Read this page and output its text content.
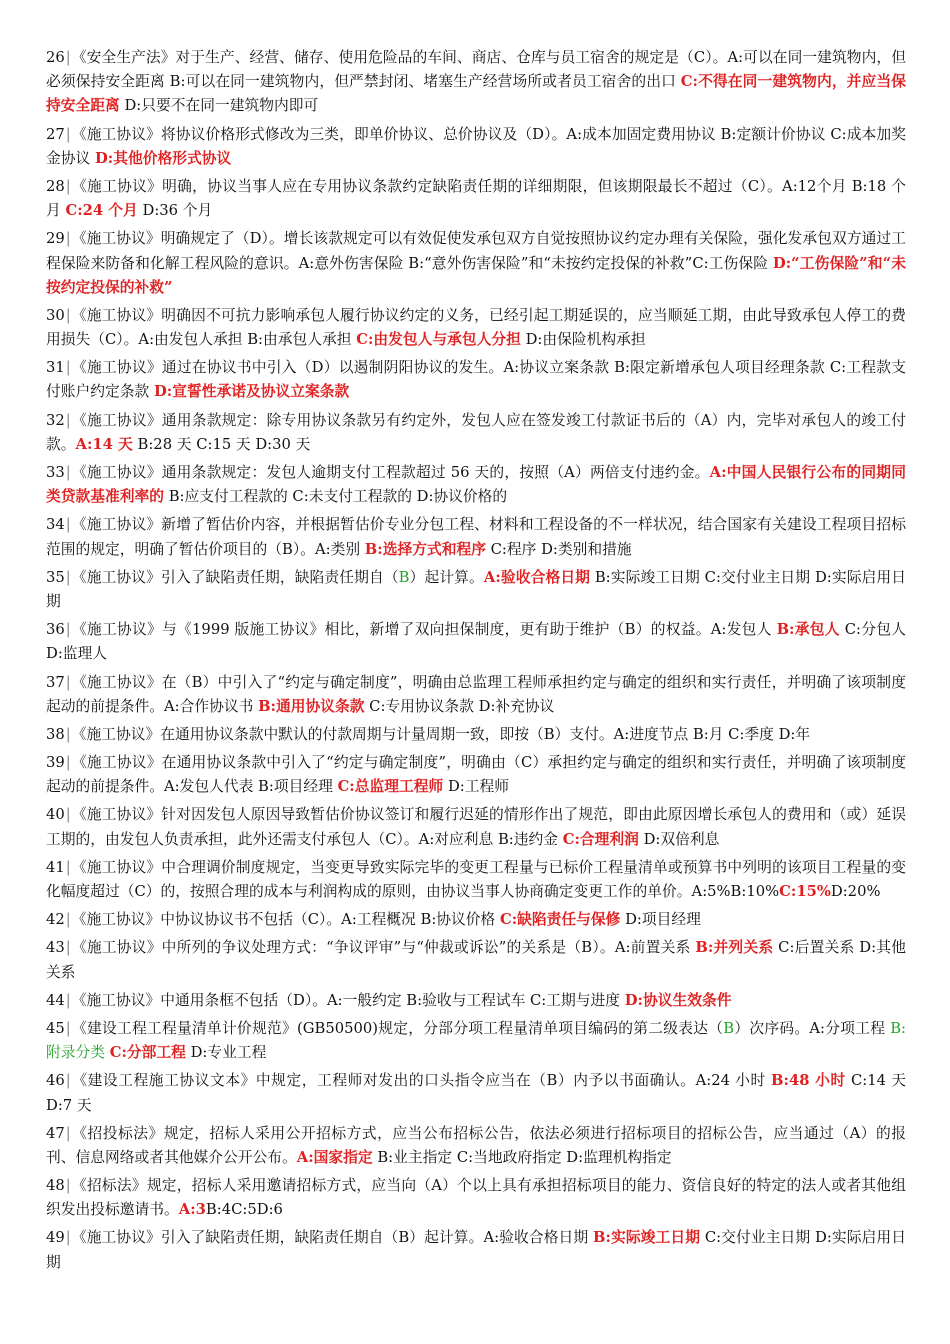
26|《安全生产法》对于生产、经营、储存、使用危险品的车间、商店、仓库与员工宿舍的规定是（C）。A:可以在同一建筑物内，但必须保持安全距离 B:可以在同一建筑物内，但严禁封闭、堵塞生产经营场所或者员工宿舍的出口 C:不得在同一建筑物内，并应当保持安全距离 D:只要不在同一建筑物内即可

27|《施工协议》将协议价格形式修改为三类，即单价协议、总价协议及（D）。A:成本加固定费用协议 B:定额计价协议 C:成本加奖金协议 D:其他价格形式协议

28|《施工协议》明确，协议当事人应在专用协议条款约定缺陷责任期的详细期限，但该期限最长不超过（C）。A:12个月 B:18 个月 C:24 个月 D:36 个月

29|《施工协议》明确规定了（D）。增长该款规定可以有效促使发承包双方自觉按照协议约定办理有关保险，强化发承包双方通过工程保险来防备和化解工程风险的意识。A:意外伤害保险 B:“意外伤害保险”和“未按约定投保的补救”C:工伤保险 D:“工伤保险”和“未按约定投保的补救”

30|《施工协议》明确因不可抗力影响承包人履行协议约定的义务，已经引起工期延误的，应当顺延工期，由此导致承包人停工的费用损失（C）。A:由发包人承担 B:由承包人承担 C:由发包人与承包人分担 D:由保险机构承担

31|《施工协议》通过在协议书中引入（D）以遏制阴阳协议的发生。A:协议立案条款 B:限定新增承包人项目经理条款 C:工程款支付账户约定条款 D:宣誓性承诺及协议立案条款

32|《施工协议》通用条款规定：除专用协议条款另有约定外，发包人应在签发竣工付款证书后的（A）内，完毕对承包人的竣工付款。A:14 天 B:28 天 C:15 天 D:30 天

33|《施工协议》通用条款规定：发包人逾期支付工程款超过 56 天的，按照（A）两倍支付违约金。A:中国人民银行公布的同期同类贷款基准利率的 B:应支付工程款的 C:未支付工程款的 D:协议价格的

34|《施工协议》新增了暂估价内容，并根据暂估价专业分包工程、材料和工程设备的不一样状况，结合国家有关建设工程项目招标范围的规定，明确了暂估价项目的（B）。A:类别 B:选择方式和程序 C:程序 D:类别和措施

35|《施工协议》引入了缺陷责任期，缺陷责任期自（B）起计算。A:验收合格日期 B:实际竣工日期 C:交付业主日期 D:实际启用日期

36|《施工协议》与《1999 版施工协议》相比，新增了双向担保制度，更有助于维护（B）的权益。A:发包人 B:承包人 C:分包人 D:监理人

37|《施工协议》在（B）中引入了“约定与确定制度”，明确由总监理工程师承担约定与确定的组织和实行责任，并明确了该项制度起动的前提条件。A:合作协议书 B:通用协议条款 C:专用协议条款 D:补充协议

38|《施工协议》在通用协议条款中默认的付款周期与计量周期一致，即按（B）支付。A:进度节点 B:月 C:季度 D:年

39|《施工协议》在通用协议条款中引入了“约定与确定制度”，明确由（C）承担约定与确定的组织和实行责任，并明确了该项制度起动的前提条件。A:发包人代表 B:项目经理 C:总监理工程师 D:工程师

40|《施工协议》针对因发包人原因导致暂估价协议签订和履行迟延的情形作出了规范，即由此原因增长承包人的费用和（或）延误工期的，由发包人负责承担，此外还需支付承包人（C）。A:对应利息 B:违约金 C:合理利润 D:双倍利息

41|《施工协议》中合理调价制度规定，当变更导致实际完毕的变更工程量与已标价工程量清单或预算书中列明的该项目工程量的变化幅度超过（C）的，按照合理的成本与利润构成的原则，由协议当事人协商确定变更工作的单价。A:5%B:10%C:15%D:20%

42|《施工协议》中协议协议书不包括（C）。A:工程概况 B:协议价格 C:缺陷责任与保修 D:项目经理

43|《施工协议》中所列的争议处理方式：“争议评审”与“仲裁或诉讼”的关系是（B）。A:前置关系 B:并列关系 C:后置关系 D:其他关系

44|《施工协议》中通用条框不包括（D）。A:一般约定 B:验收与工程试车 C:工期与进度 D:协议生效条件

45|《建设工程工程量清单计价规范》(GB50500)规定，分部分项工程量清单项目编码的第二级表达（B）次序码。A:分项工程 B:附录分类 C:分部工程 D:专业工程

46|《建设工程施工协议文本》中规定，工程师对发出的口头指令应当在（B）内予以书面确认。A:24 小时 B:48 小时 C:14 天 D:7 天

47|《招投标法》规定，招标人采用公开招标方式，应当公布招标公告，依法必须进行招标项目的招标公告，应当通过（A）的报刊、信息网络或者其他媒介公开公布。A:国家指定 B:业主指定 C:当地政府指定 D:监理机构指定

48|《招标法》规定，招标人采用邀请招标方式，应当向（A）个以上具有承担招标项目的能力、资信良好的特定的法人或者其他组织发出投标邀请书。A:3B:4C:5D:6

49|《施工协议》引入了缺陷责任期，缺陷责任期自（B）起计算。A:验收合格日期 B:实际竣工日期 C:交付业主日期 D:实际启用日期
